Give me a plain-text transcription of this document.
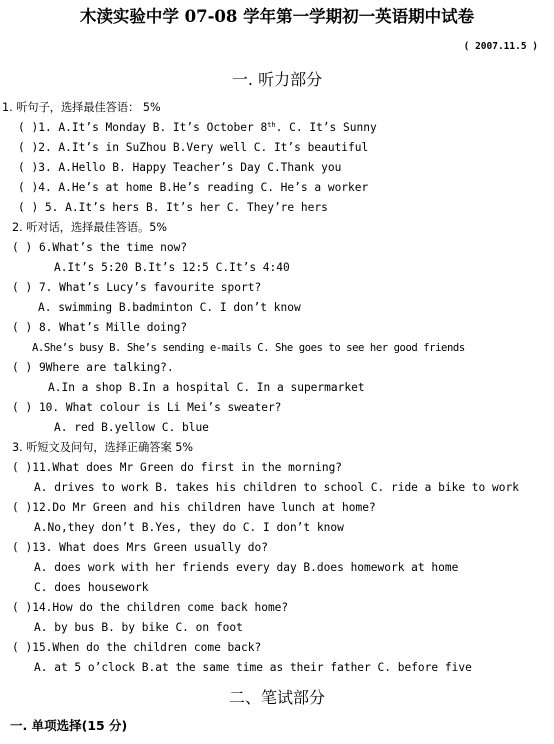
木渎实验中学 07-08 学年第一学期初一英语期中试卷
( 2007.11.5 )
一. 听力部分
1. 听句子，选择最佳答语： 5%
( )1. A.It’s Monday B. It’s October 8th. C. It’s Sunny
( )2. A.It’s in SuZhou B.Very well C. It’s beautiful
( )3. A.Hello B. Happy Teacher’s Day C.Thank you
( )4. A.He’s at home B.He’s reading C. He’s a worker
( ) 5. A.It’s hers B. It’s her C. They’re hers
2. 听对话，选择最佳答语。5%
( ) 6.What’s the time now?
A.It’s 5:20 B.It’s 12:5 C.It’s 4:40
( ) 7. What’s Lucy’s favourite sport?
A. swimming B.badminton C. I don’t know
( ) 8. What’s Mille doing?
A.She’s busy B. She’s sending e-mails C. She goes to see her good friends
( ) 9Where are talking?.
A.In a shop B.In a hospital C. In a supermarket
( ) 10. What colour is Li Mei’s sweater?
A. red B.yellow C. blue
3. 听短文及问句，选择正确答案 5%
( )11.What does Mr Green do first in the morning?
A. drives to work B. takes his children to school C. ride a bike to work
( )12.Do Mr Green and his children have lunch at home?
A.No,they don’t B.Yes, they do C. I don’t know
( )13. What does Mrs Green usually do?
A. does work with her friends every day B.does homework at home
C. does housework
( )14.How do the children come back home?
A. by bus B. by bike C. on foot
( )15.When do the children come back?
A. at 5 o’clock B.at the same time as their father C. before five
二、笔试部分
一. 单项选择(15 分)
